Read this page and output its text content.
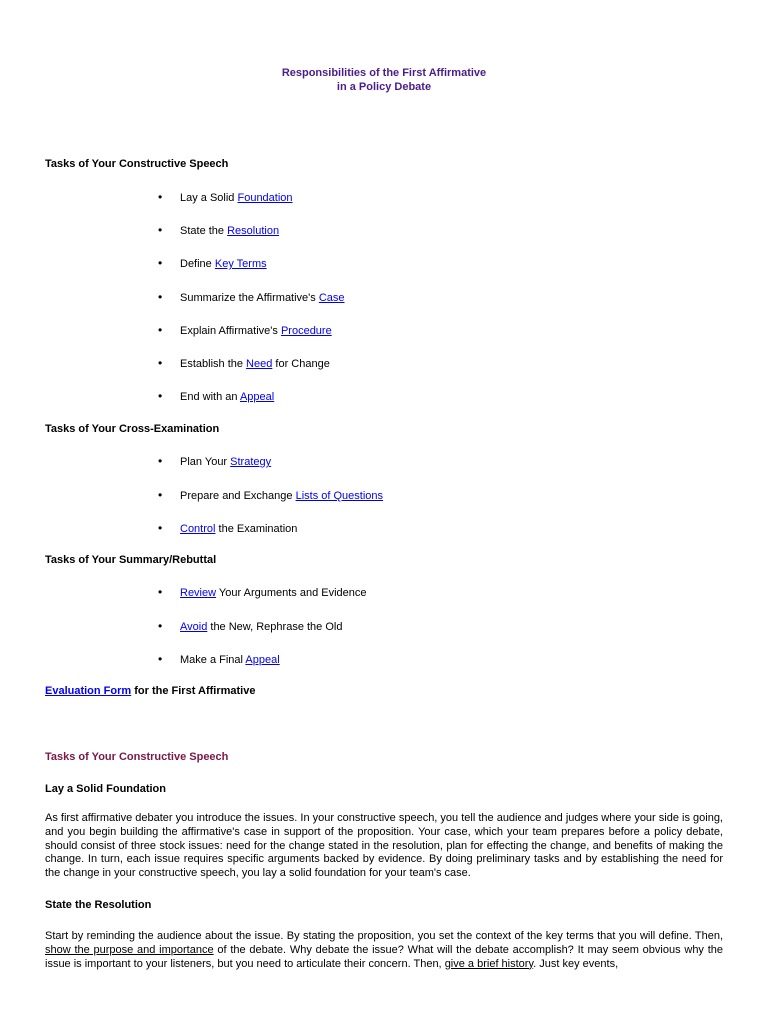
Responsibilities of the First Affirmative
in a Policy Debate
Tasks of Your Constructive Speech
• Lay a Solid Foundation
• State the Resolution
• Define Key Terms
• Summarize the Affirmative's Case
• Explain Affirmative's Procedure
• Establish the Need for Change
• End with an Appeal
Tasks of Your Cross-Examination
• Plan Your Strategy
• Prepare and Exchange Lists of Questions
• Control the Examination
Tasks of Your Summary/Rebuttal
• Review Your Arguments and Evidence
• Avoid the New, Rephrase the Old
• Make a Final Appeal
Evaluation Form for the First Affirmative
Tasks of Your Constructive Speech
Lay a Solid Foundation
As first affirmative debater you introduce the issues. In your constructive speech, you tell the audience and judges where your side is going, and you begin building the affirmative's case in support of the proposition. Your case, which your team prepares before a policy debate, should consist of three stock issues: need for the change stated in the resolution, plan for effecting the change, and benefits of making the change. In turn, each issue requires specific arguments backed by evidence. By doing preliminary tasks and by establishing the need for the change in your constructive speech, you lay a solid foundation for your team's case.
State the Resolution
Start by reminding the audience about the issue. By stating the proposition, you set the context of the key terms that you will define. Then, show the purpose and importance of the debate. Why debate the issue? What will the debate accomplish? It may seem obvious why the issue is important to your listeners, but you need to articulate their concern. Then, give a brief history. Just key events,
